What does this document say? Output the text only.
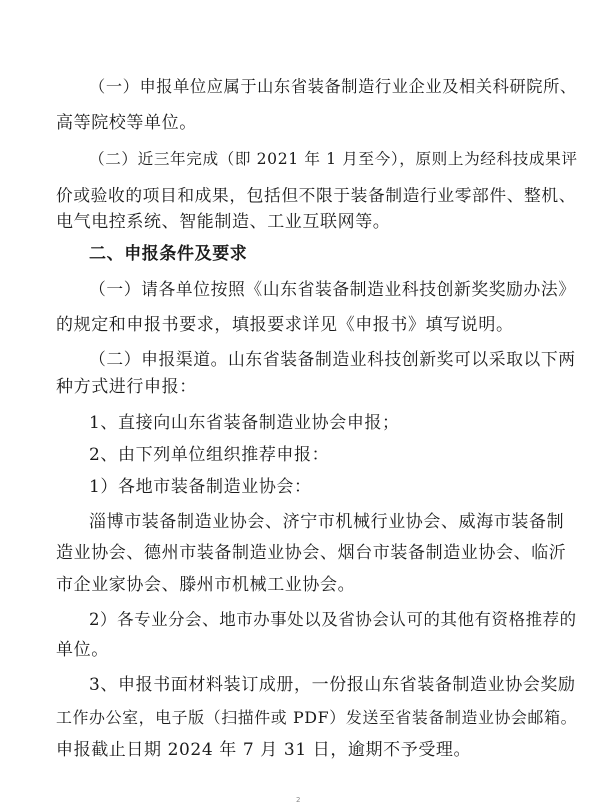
（一）申报单位应属于山东省装备制造行业企业及相关科研院所、
高等院校等单位。
（二）近三年完成（即 2021 年 1 月至今），原则上为经科技成果评
价或验收的项目和成果，包括但不限于装备制造行业零部件、整机、
电气电控系统、智能制造、工业互联网等。
二、申报条件及要求
（一）请各单位按照《山东省装备制造业科技创新奖奖励办法》
的规定和申报书要求，填报要求详见《申报书》填写说明。
（二）申报渠道。山东省装备制造业科技创新奖可以采取以下两
种方式进行申报：
1、直接向山东省装备制造业协会申报；
2、由下列单位组织推荐申报：
1）各地市装备制造业协会：
淄博市装备制造业协会、济宁市机械行业协会、威海市装备制
造业协会、德州市装备制造业协会、烟台市装备制造业协会、临沂
市企业家协会、滕州市机械工业协会。
2）各专业分会、地市办事处以及省协会认可的其他有资格推荐的
单位。
3、申报书面材料装订成册，一份报山东省装备制造业协会奖励
工作办公室，电子版（扫描件或 PDF）发送至省装备制造业协会邮箱。
申报截止日期 2024 年 7 月 31 日，逾期不予受理。
2
